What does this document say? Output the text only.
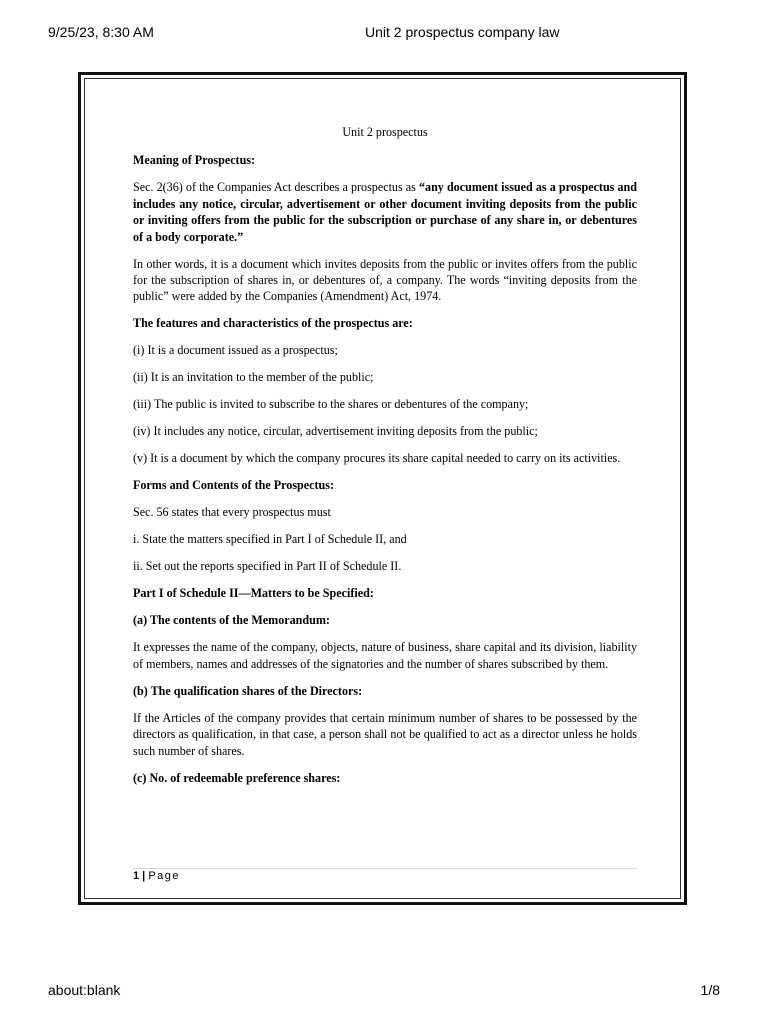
9/25/23, 8:30 AM	Unit 2 prospectus company law

Unit 2 prospectus

Meaning of Prospectus:

Sec. 2(36) of the Companies Act describes a prospectus as “any document issued as a prospectus and includes any notice, circular, advertisement or other document inviting deposits from the public or inviting offers from the public for the subscription or purchase of any share in, or debentures of a body corporate.”

In other words, it is a document which invites deposits from the public or invites offers from the public for the subscription of shares in, or debentures of, a company. The words “inviting deposits from the public” were added by the Companies (Amendment) Act, 1974.

The features and characteristics of the prospectus are:

(i) It is a document issued as a prospectus;

(ii) It is an invitation to the member of the public;

(iii) The public is invited to subscribe to the shares or debentures of the company;

(iv) It includes any notice, circular, advertisement inviting deposits from the public;

(v) It is a document by which the company procures its share capital needed to carry on its activities.

Forms and Contents of the Prospectus:

Sec. 56 states that every prospectus must

i. State the matters specified in Part I of Schedule II, and

ii. Set out the reports specified in Part II of Schedule II.

Part I of Schedule II—Matters to be Specified:

(a) The contents of the Memorandum:

It expresses the name of the company, objects, nature of business, share capital and its division, liability of members, names and addresses of the signatories and the number of shares subscribed by them.

(b) The qualification shares of the Directors:

If the Articles of the company provides that certain minimum number of shares to be possessed by the directors as qualification, in that case, a person shall not be qualified to act as a director unless he holds such number of shares.

(c) No. of redeemable preference shares:

1 | Page
about:blank	1/8
